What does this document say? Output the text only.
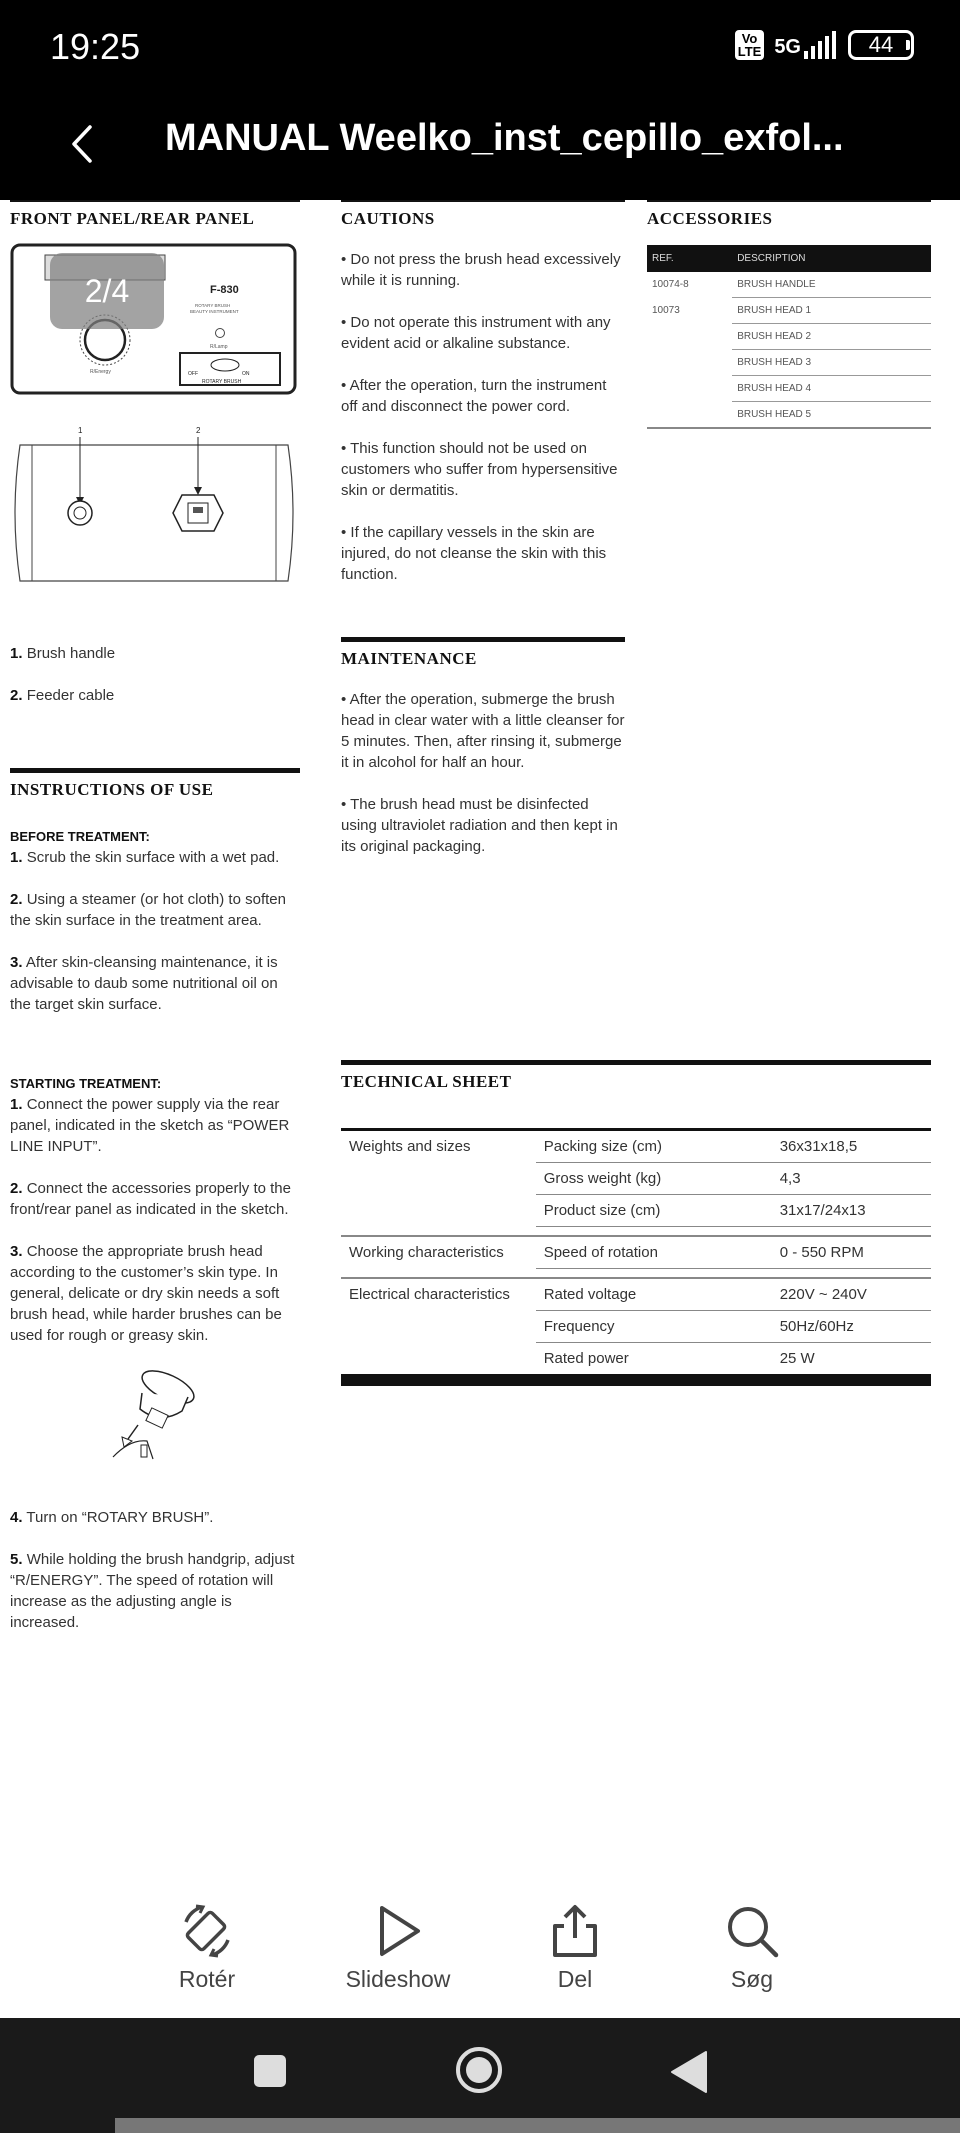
19:25	Vo
LTE 5G	44
MANUAL Weelko_inst_cepillo_exfol...
FRONT PANEL/REAR PANEL
F-830
ROTARY BRUSH
BEAUTY INSTRUMENT
R/Lamp
R/Energy	OFF	ON
ROTARY BRUSH
1	2

1. Brush handle

2. Feeder cable

INSTRUCTIONS OF USE
BEFORE TREATMENT:

1. Scrub the skin surface with a wet pad.

2. Using a steamer (or hot cloth) to soften the skin surface in the treatment area.

3. After skin-cleansing maintenance, it is advisable to daub some nutritional oil on the target skin surface.

STARTING TREATMENT:

1. Connect the power supply via the rear panel, indicated in the sketch as “POWER LINE INPUT”.

2. Connect the accessories properly to the front/rear panel as indicated in the sketch.

3. Choose the appropriate brush head according to the customer’s skin type. In general, delicate or dry skin needs a soft brush head, while harder brushes can be used for rough or greasy skin.

4. Turn on “ROTARY BRUSH”.

5. While holding the brush handgrip, adjust “R/ENERGY”. The speed of rotation will increase as the adjusting angle is increased.

CAUTIONS

• Do not press the brush head excessively while it is running.

• Do not operate this instrument with any evident acid or alkaline substance.

• After the operation, turn the instrument off and disconnect the power cord.

• This function should not be used on customers who suffer from hypersensitive skin or dermatitis.

• If the capillary vessels in the skin are injured, do not cleanse the skin with this function.

MAINTENANCE

• After the operation, submerge the brush head in clear water with a little cleanser for 5 minutes. Then, after rinsing it, submerge it in alcohol for half an hour.

• The brush head must be disinfected using ultraviolet radiation and then kept in its original packaging.

ACCESSORIES
REF.	DESCRIPTION
10074-8	BRUSH HANDLE
10073	BRUSH HEAD 1
	BRUSH HEAD 2
	BRUSH HEAD 3
	BRUSH HEAD 4
	BRUSH HEAD 5
TECHNICAL SHEET
Weights and sizes	Packing size (cm)	36x31x18,5
	Gross weight (kg)	4,3
	Product size (cm)	31x17/24x13

Working characteristics	Speed of rotation	0 - 550 RPM

Electrical characteristics	Rated voltage	220V ~ 240V
	Frequency	50Hz/60Hz
	Rated power	25 W
2/4
Rotér	Slideshow	Del	Søg
